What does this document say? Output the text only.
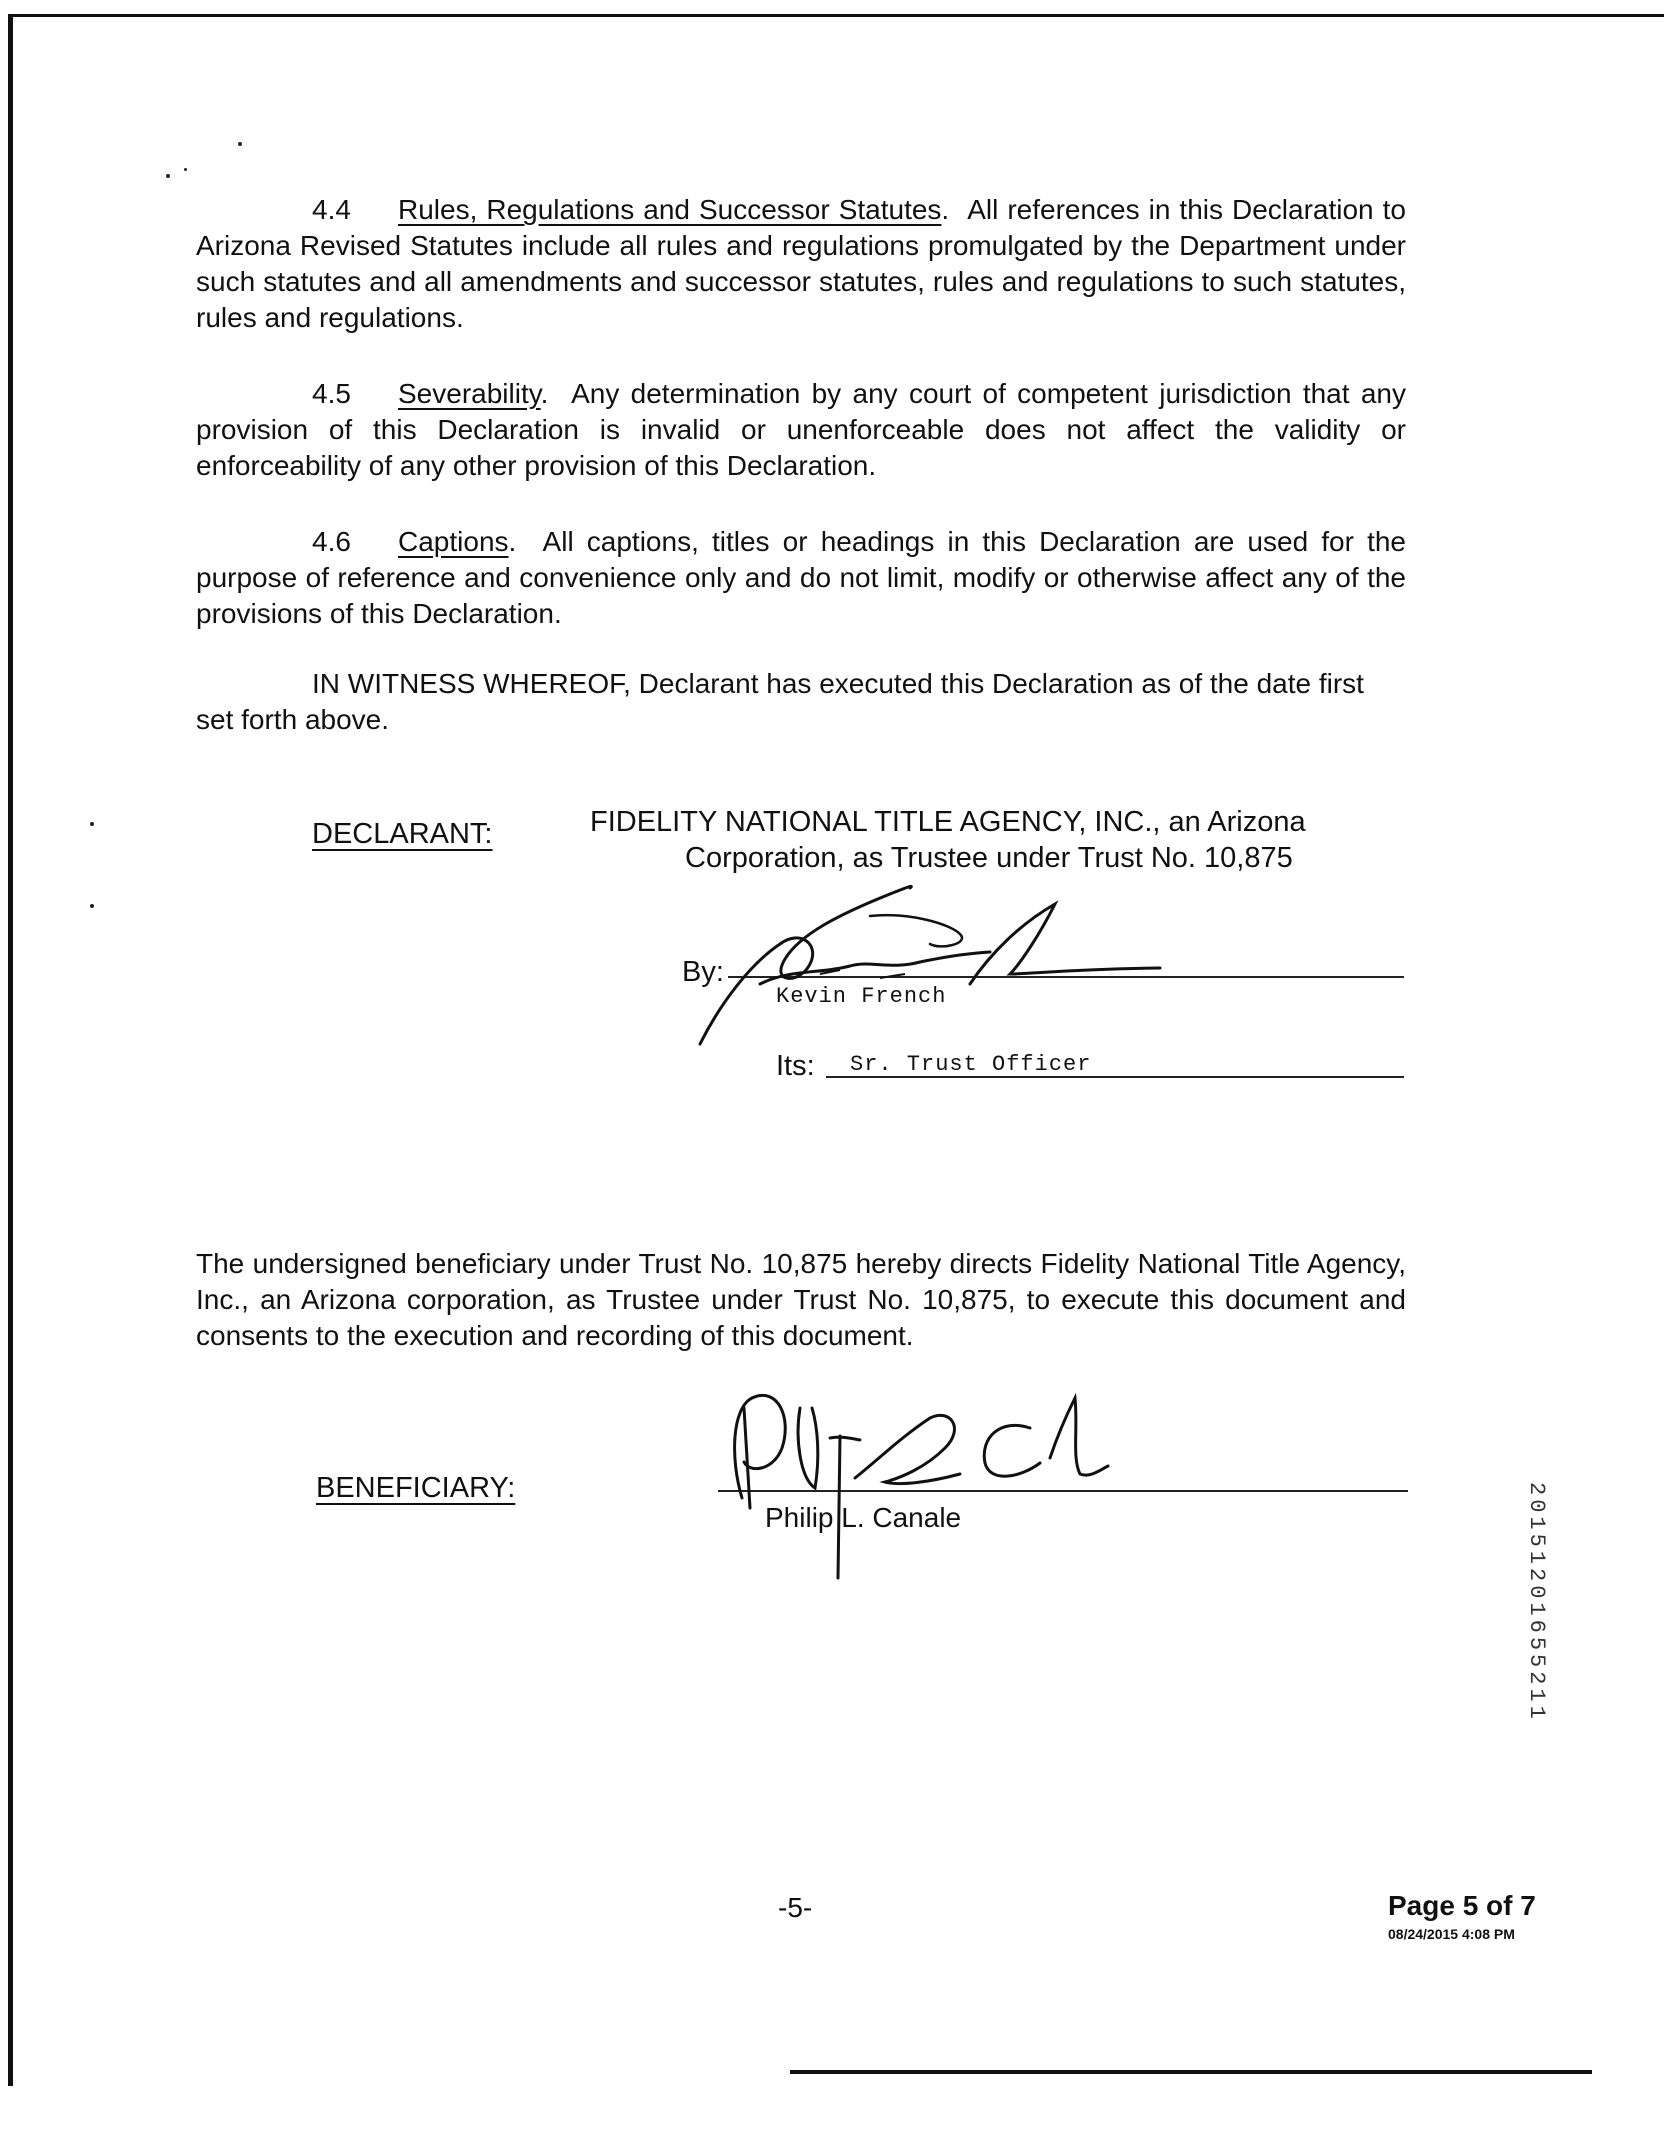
4.4 Rules, Regulations and Successor Statutes.  All references in this Declaration to Arizona Revised Statutes include all rules and regulations promulgated by the Department under such statutes and all amendments and successor statutes, rules and regulations to such statutes, rules and regulations.

4.5 Severability.  Any determination by any court of competent jurisdiction that any provision of this Declaration is invalid or unenforceable does not affect the validity or enforceability of any other provision of this Declaration.

4.6 Captions.  All captions, titles or headings in this Declaration are used for the purpose of reference and convenience only and do not limit, modify or otherwise affect any of the provisions of this Declaration.

IN WITNESS WHEREOF, Declarant has executed this Declaration as of the date first set forth above.

DECLARANT:	FIDELITY NATIONAL TITLE AGENCY, INC., an Arizona
Corporation, as Trustee under Trust No. 10,875
By:
Kevin French
Its: Sr. Trust Officer

The undersigned beneficiary under Trust No. 10,875 hereby directs Fidelity National Title Agency, Inc., an Arizona corporation, as Trustee under Trust No. 10,875, to execute this document and consents to the execution and recording of this document.

BENEFICIARY:
Philip L. Canale	20151201655211
-5-	Page 5 of 7
08/24/2015 4:08 PM
